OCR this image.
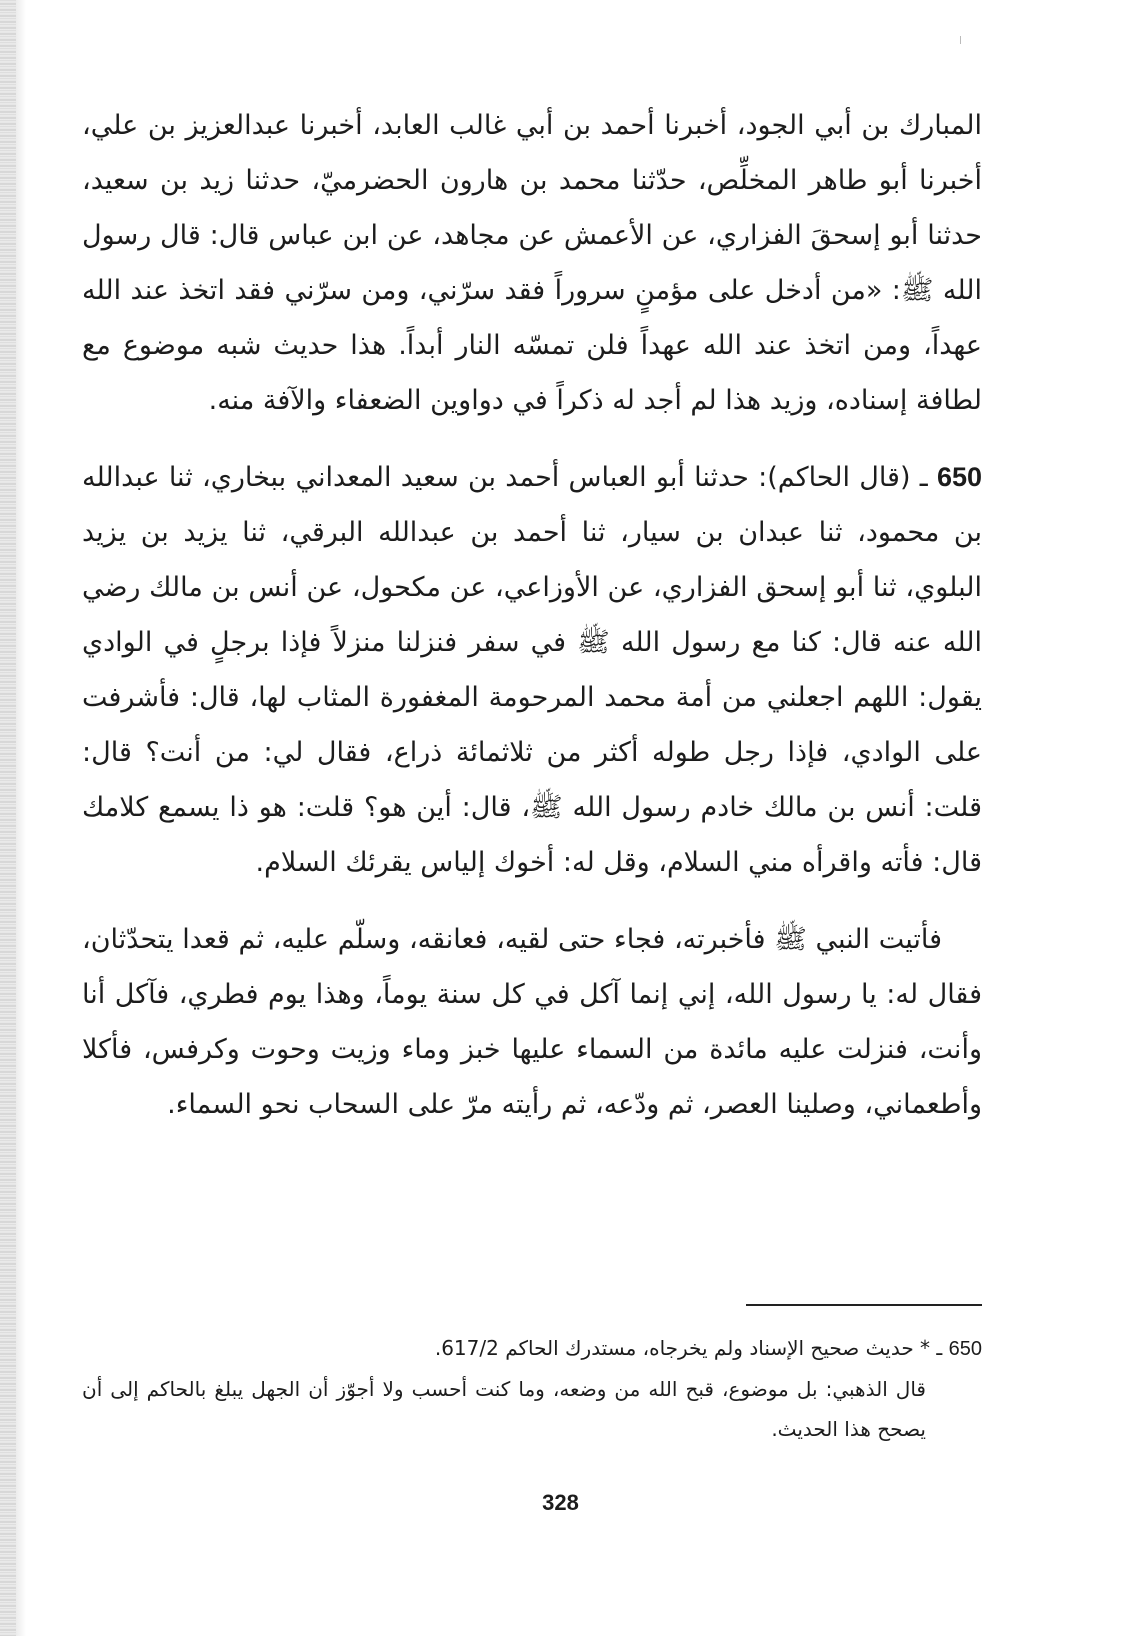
المبارك بن أبي الجود، أخبرنا أحمد بن أبي غالب العابد، أخبرنا عبدالعزيز بن علي، أخبرنا أبو طاهر المخلِّص، حدّثنا محمد بن هارون الحضرميّ، حدثنا زيد بن سعيد، حدثنا أبو إسحقَ الفزاري، عن الأعمش عن مجاهد، عن ابن عباس قال: قال رسول الله ﷺ: «من أدخل على مؤمنٍ سروراً فقد سرّني، ومن سرّني فقد اتخذ عند الله عهداً، ومن اتخذ عند الله عهداً فلن تمسّه النار أبداً. هذا حديث شبه موضوع مع لطافة إسناده، وزيد هذا لم أجد له ذكراً في دواوين الضعفاء والآفة منه.

650 ـ (قال الحاكم): حدثنا أبو العباس أحمد بن سعيد المعداني ببخاري، ثنا عبدالله بن محمود، ثنا عبدان بن سيار، ثنا أحمد بن عبدالله البرقي، ثنا يزيد بن يزيد البلوي، ثنا أبو إسحق الفزاري، عن الأوزاعي، عن مكحول، عن أنس بن مالك رضي الله عنه قال: كنا مع رسول الله ﷺ في سفر فنزلنا منزلاً فإذا برجلٍ في الوادي يقول: اللهم اجعلني من أمة محمد المرحومة المغفورة المثاب لها، قال: فأشرفت على الوادي، فإذا رجل طوله أكثر من ثلاثمائة ذراع، فقال لي: من أنت؟ قال: قلت: أنس بن مالك خادم رسول الله ﷺ، قال: أين هو؟ قلت: هو ذا يسمع كلامك قال: فأته واقرأه مني السلام، وقل له: أخوك إلياس يقرئك السلام.

فأتيت النبي ﷺ فأخبرته، فجاء حتى لقيه، فعانقه، وسلّم عليه، ثم قعدا يتحدّثان، فقال له: يا رسول الله، إني إنما آكل في كل سنة يوماً، وهذا يوم فطري، فآكل أنا وأنت، فنزلت عليه مائدة من السماء عليها خبز وماء وزيت وحوت وكرفس، فأكلا وأطعماني، وصلينا العصر، ثم ودّعه، ثم رأيته مرّ على السحاب نحو السماء.

650 ـ * حديث صحيح الإسناد ولم يخرجاه، مستدرك الحاكم 617/2.

قال الذهبي: بل موضوع، قبح الله من وضعه، وما كنت أحسب ولا أجوّز أن الجهل يبلغ بالحاكم إلى أن يصحح هذا الحديث.

328
